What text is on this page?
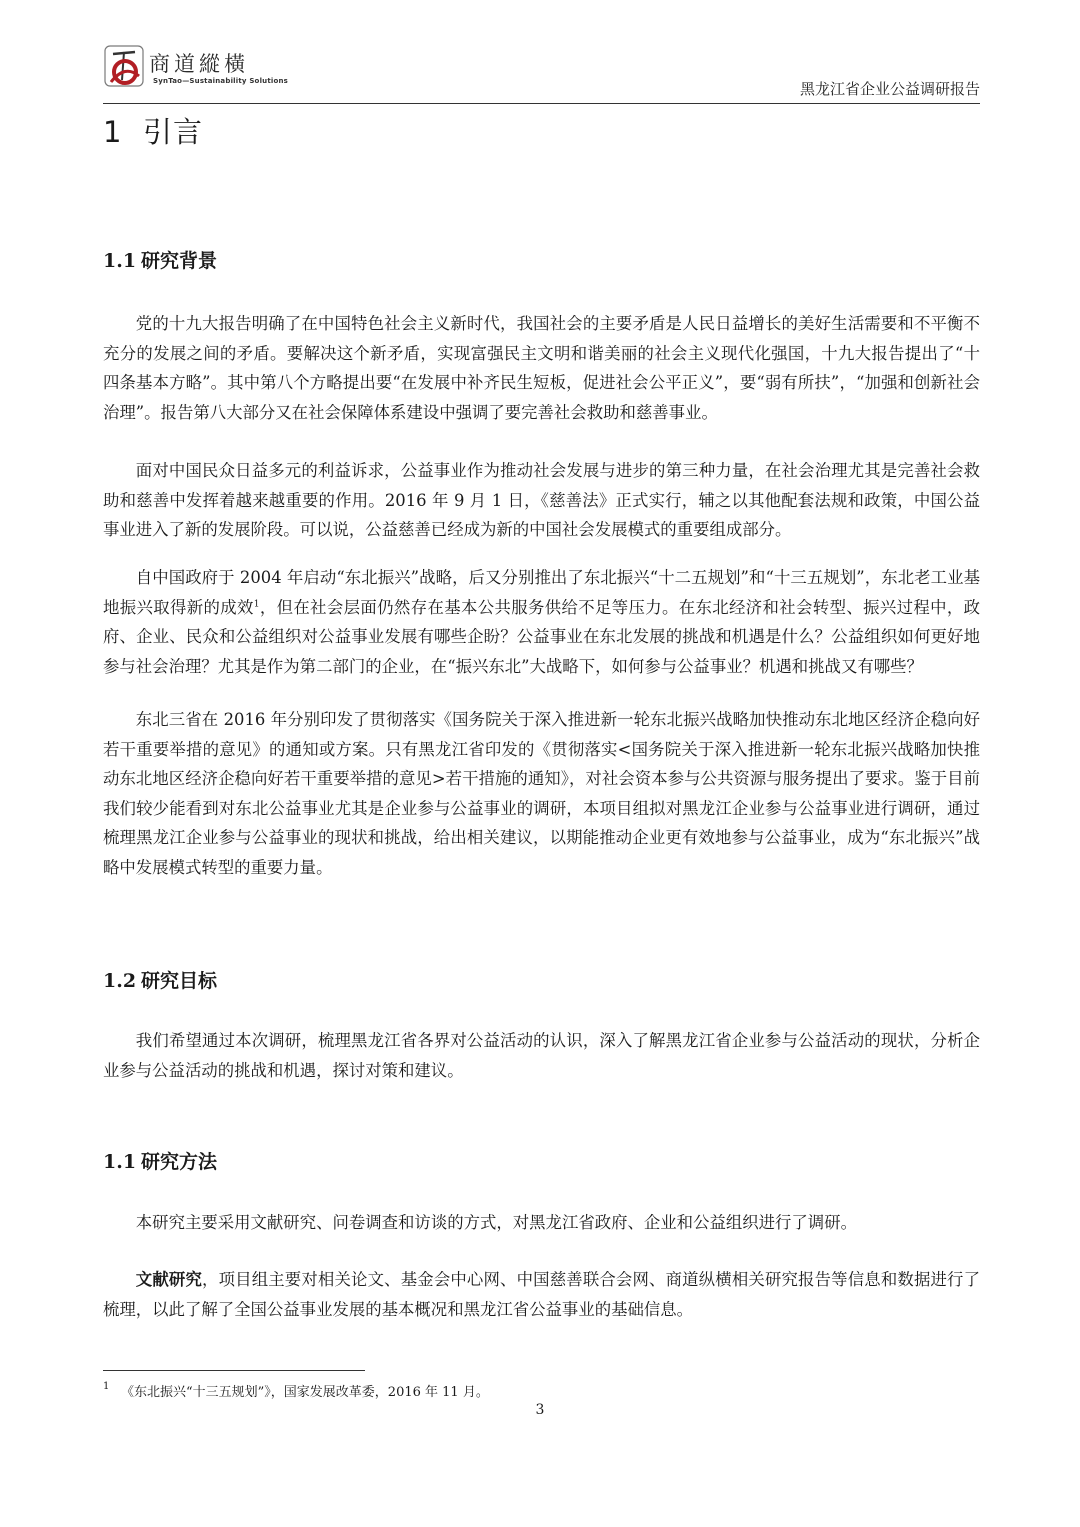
商道縱橫
SynTao—Sustainability Solutions	黑龙江省企业公益调研报告
1 引言
1.1 研究背景

党的十九大报告明确了在中国特色社会主义新时代，我国社会的主要矛盾是人民日益增长的美好生活需要和不平衡不充分的发展之间的矛盾。要解决这个新矛盾，实现富强民主文明和谐美丽的社会主义现代化强国，十九大报告提出了“十四条基本方略”。其中第八个方略提出要“在发展中补齐民生短板，促进社会公平正义”，要“弱有所扶”，“加强和创新社会治理”。报告第八大部分又在社会保障体系建设中强调了要完善社会救助和慈善事业。

面对中国民众日益多元的利益诉求，公益事业作为推动社会发展与进步的第三种力量，在社会治理尤其是完善社会救助和慈善中发挥着越来越重要的作用。2016 年 9 月 1 日，《慈善法》正式实行，辅之以其他配套法规和政策，中国公益事业进入了新的发展阶段。可以说，公益慈善已经成为新的中国社会发展模式的重要组成部分。

自中国政府于 2004 年启动“东北振兴”战略，后又分别推出了东北振兴“十二五规划”和“十三五规划”，东北老工业基地振兴取得新的成效$^1$，但在社会层面仍然存在基本公共服务供给不足等压力。在东北经济和社会转型、振兴过程中，政府、企业、民众和公益组织对公益事业发展有哪些企盼？公益事业在东北发展的挑战和机遇是什么？公益组织如何更好地参与社会治理？尤其是作为第二部门的企业，在“振兴东北”大战略下，如何参与公益事业？机遇和挑战又有哪些？

东北三省在 2016 年分别印发了贯彻落实《国务院关于深入推进新一轮东北振兴战略加快推动东北地区经济企稳向好若干重要举措的意见》的通知或方案。只有黑龙江省印发的《贯彻落实<国务院关于深入推进新一轮东北振兴战略加快推动东北地区经济企稳向好若干重要举措的意见>若干措施的通知》，对社会资本参与公共资源与服务提出了要求。鉴于目前我们较少能看到对东北公益事业尤其是企业参与公益事业的调研，本项目组拟对黑龙江企业参与公益事业进行调研，通过梳理黑龙江企业参与公益事业的现状和挑战，给出相关建议，以期能推动企业更有效地参与公益事业，成为“东北振兴”战略中发展模式转型的重要力量。

1.2 研究目标

我们希望通过本次调研，梳理黑龙江省各界对公益活动的认识，深入了解黑龙江省企业参与公益活动的现状，分析企业参与公益活动的挑战和机遇，探讨对策和建议。

1.1 研究方法

本研究主要采用文献研究、问卷调查和访谈的方式，对黑龙江省政府、企业和公益组织进行了调研。

文献研究，项目组主要对相关论文、基金会中心网、中国慈善联合会网、商道纵横相关研究报告等信息和数据进行了梳理，以此了解了全国公益事业发展的基本概况和黑龙江省公益事业的基础信息。

1 《东北振兴“十三五规划”》，国家发展改革委，2016 年 11 月。
3
